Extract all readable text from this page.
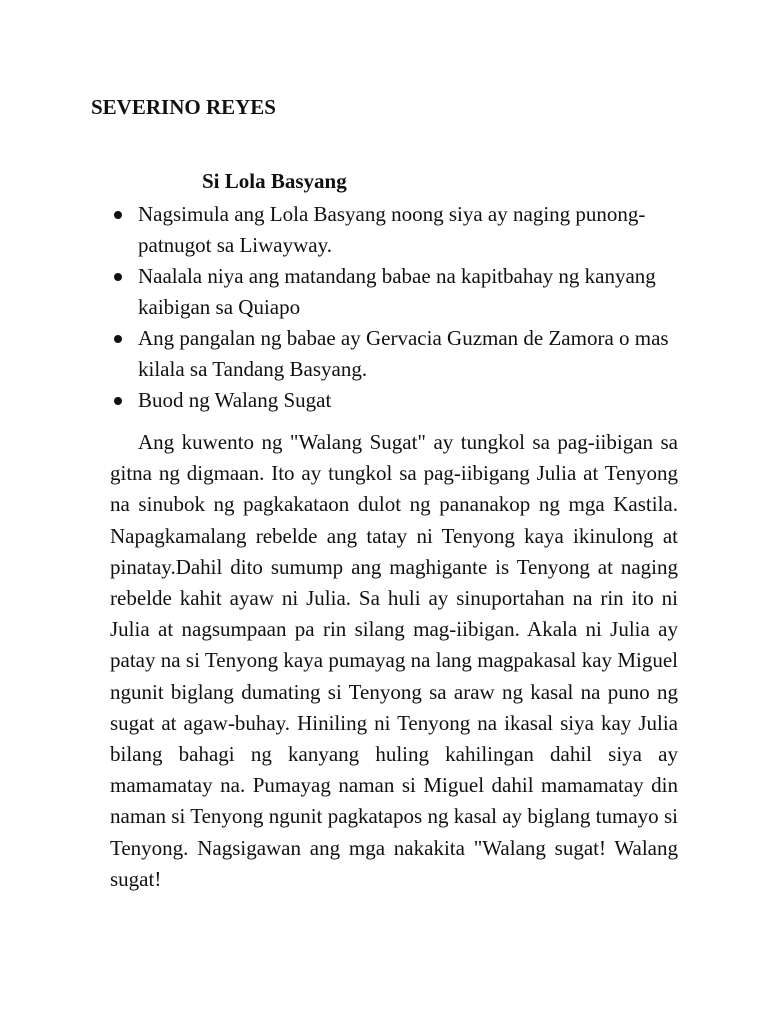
SEVERINO REYES
Si Lola Basyang
Nagsimula ang Lola Basyang noong siya ay naging punong-patnugot sa Liwayway.
Naalala niya ang matandang babae na kapitbahay ng kanyang kaibigan sa Quiapo
Ang pangalan ng babae ay Gervacia Guzman de Zamora o mas kilala sa Tandang Basyang.
Buod ng Walang Sugat

Ang kuwento ng "Walang Sugat" ay tungkol sa pag-iibigan sa gitna ng digmaan. Ito ay tungkol sa pag-iibigang Julia at Tenyong na sinubok ng pagkakataon dulot ng pananakop ng mga Kastila. Napagkamalang rebelde ang tatay ni Tenyong kaya ikinulong at pinatay.Dahil dito sumump ang maghigante is Tenyong at naging rebelde kahit ayaw ni Julia. Sa huli ay sinuportahan na rin ito ni Julia at nagsumpaan pa rin silang mag-iibigan. Akala ni Julia ay patay na si Tenyong kaya pumayag na lang magpakasal kay Miguel ngunit biglang dumating si Tenyong sa araw ng kasal na puno ng sugat at agaw-buhay. Hiniling ni Tenyong na ikasal siya kay Julia bilang bahagi ng kanyang huling kahilingan dahil siya ay mamamatay na. Pumayag naman si Miguel dahil mamamatay din naman si Tenyong ngunit pagkatapos ng kasal ay biglang tumayo si Tenyong. Nagsigawan ang mga nakakita "Walang sugat! Walang sugat!
